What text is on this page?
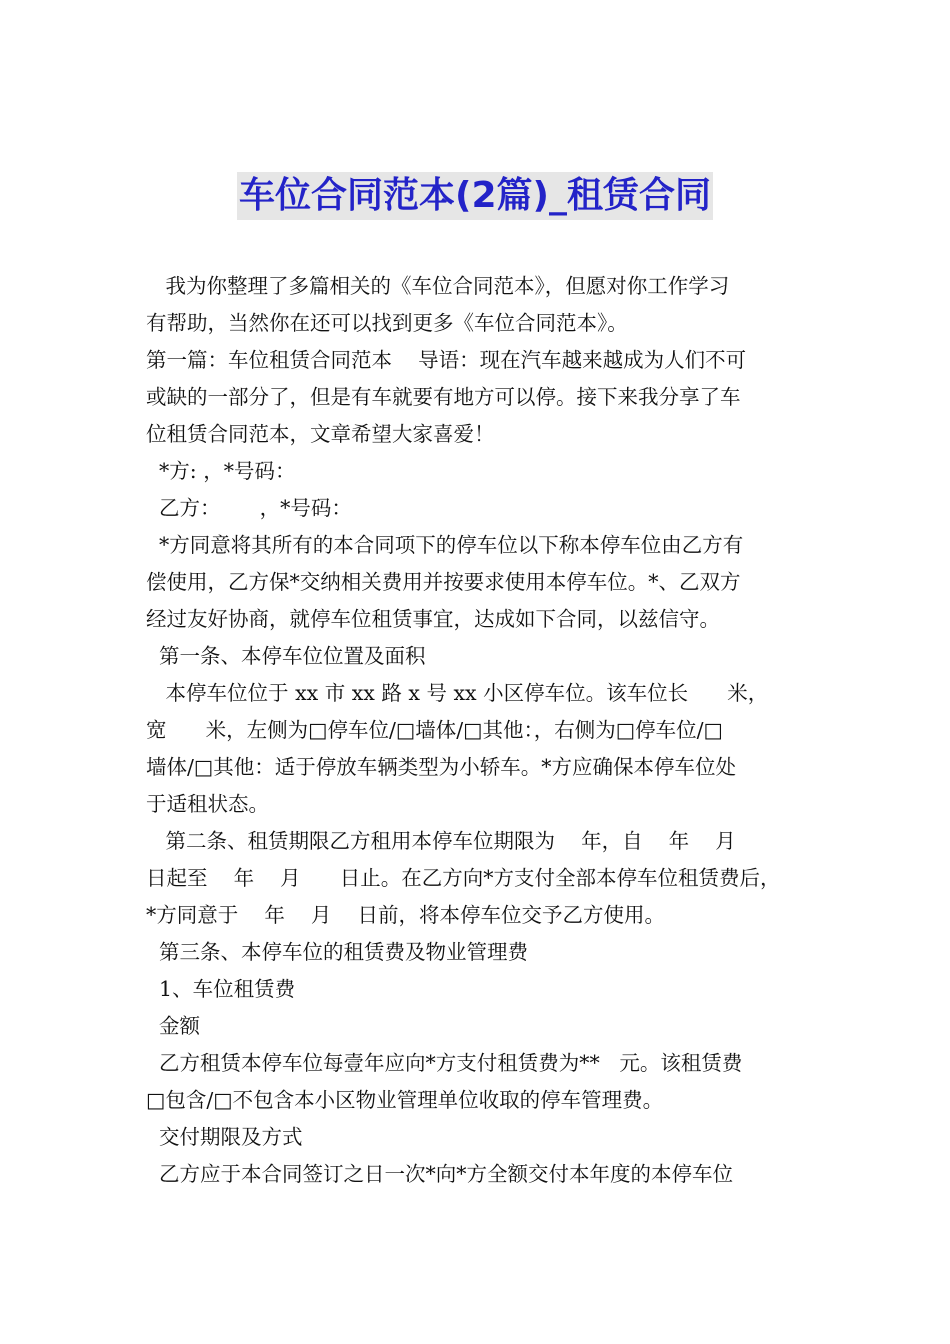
车位合同范本(2篇)_租赁合同
我为你整理了多篇相关的《车位合同范本》，但愿对你工作学习
有帮助，当然你在还可以找到更多《车位合同范本》。
第一篇：车位租赁合同范本    导语：现在汽车越来越成为人们不可
或缺的一部分了，但是有车就要有地方可以停。接下来我分享了车
位租赁合同范本，文章希望大家喜爱！
*方: ，*号码：
乙方：      ，*号码：
*方同意将其所有的本合同项下的停车位以下称本停车位由乙方有
偿使用，乙方保*交纳相关费用并按要求使用本停车位。*、乙双方
经过友好协商，就停车位租赁事宜，达成如下合同，以兹信守。
第一条、本停车位位置及面积
本停车位位于 xx 市 xx 路 x 号 xx 小区停车位。该车位长      米，
宽      米，左侧为□停车位/□墙体/□其他：，右侧为□停车位/□
墙体/□其他：适于停放车辆类型为小轿车。*方应确保本停车位处
于适租状态。
第二条、租赁期限乙方租用本停车位期限为    年，自    年    月
日起至    年    月      日止。在乙方向*方支付全部本停车位租赁费后，
*方同意于    年    月    日前，将本停车位交予乙方使用。
第三条、本停车位的租赁费及物业管理费
1、车位租赁费
金额
乙方租赁本停车位每壹年应向*方支付租赁费为**   元。该租赁费
□包含/□不包含本小区物业管理单位收取的停车管理费。
交付期限及方式
乙方应于本合同签订之日一次*向*方全额交付本年度的本停车位
